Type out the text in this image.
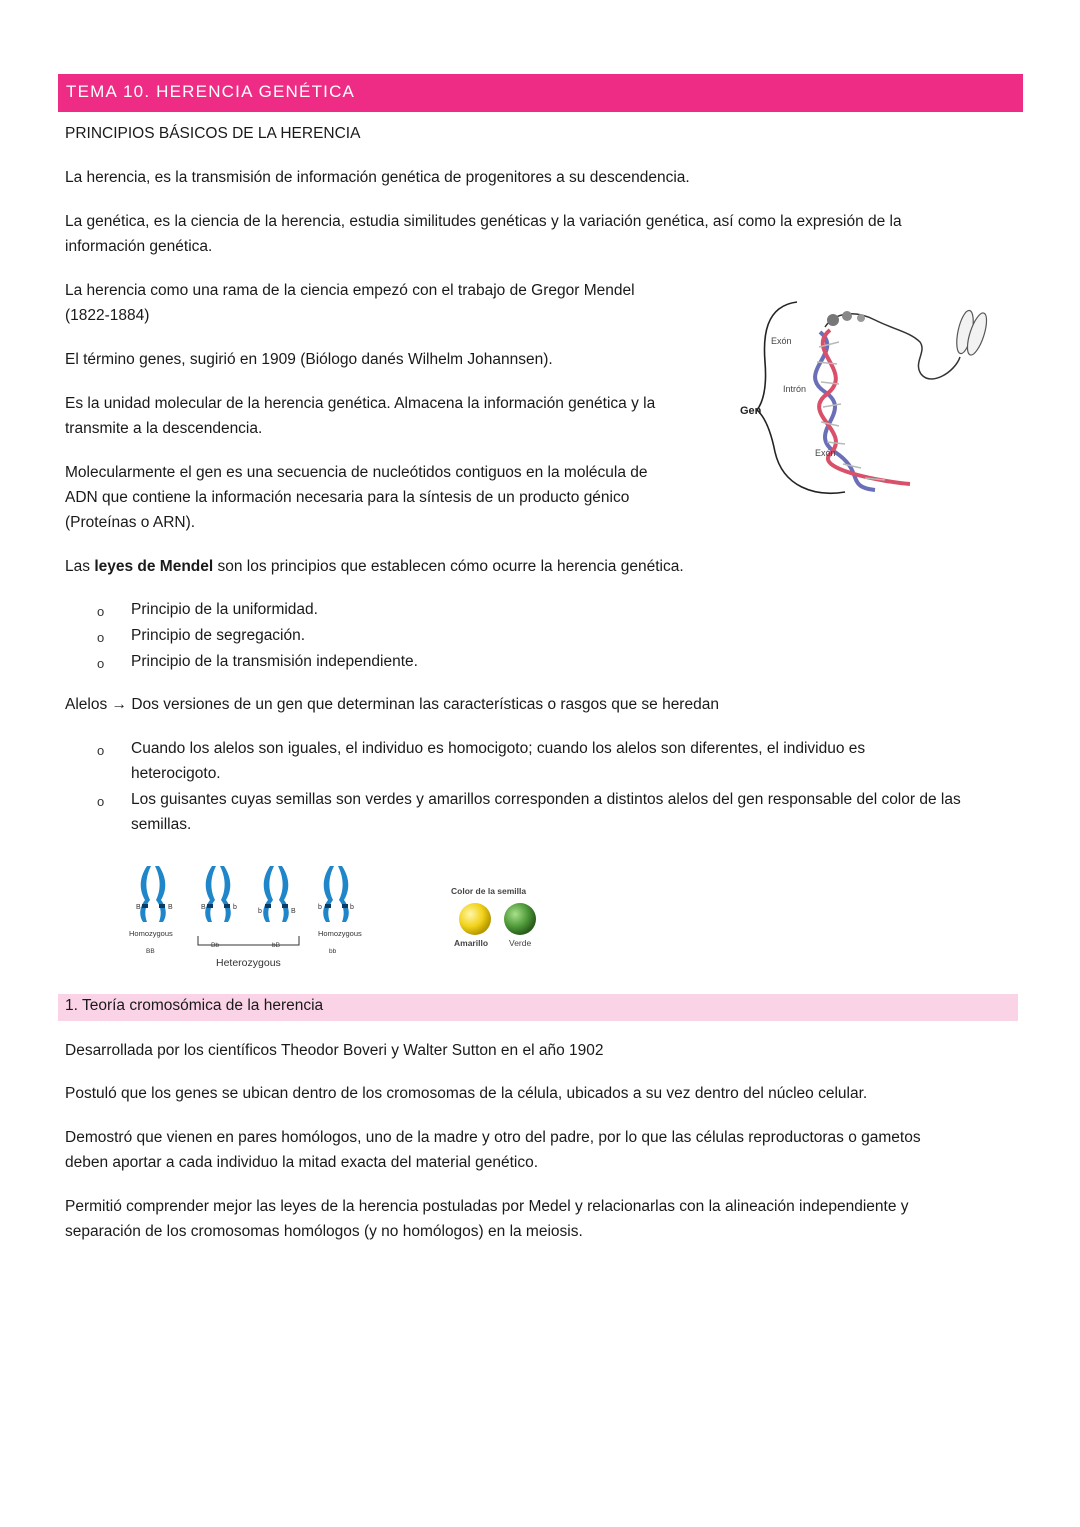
TEMA 10. HERENCIA GENÉTICA
PRINCIPIOS BÁSICOS DE LA HERENCIA
La herencia, es la transmisión de información genética de progenitores a su descendencia.
La genética, es la ciencia de la herencia, estudia similitudes genéticas y la variación genética, así como la expresión de la
información genética.
La herencia como una rama de la ciencia empezó con el trabajo de Gregor Mendel
(1822-1884)
El término genes, sugirió en 1909 (Biólogo danés Wilhelm Johannsen).
Es la unidad molecular de la herencia genética. Almacena la información genética y la
transmite a la descendencia.
Molecularmente el gen es una secuencia de nucleótidos contiguos en la molécula de
ADN que contiene la información necesaria para la síntesis de un producto génico
(Proteínas o ARN).
Las leyes de Mendel son los principios que establecen cómo ocurre la herencia genética.
o Principio de la uniformidad.
o Principio de segregación.
o Principio de la transmisión independiente.
Alelos → Dos versiones de un gen que determinan las características o rasgos que se heredan
o Cuando los alelos son iguales, el individuo es homocigoto; cuando los alelos son diferentes, el individuo es
heterocigoto.
o Los guisantes cuyas semillas son verdes y amarillos corresponden a distintos alelos del gen responsable del color de las
semillas.
Gen
Exón
Intrón
Exón
B	B	B	b
b	B
b	b
Homozygous
BB
Bb	bB
Heterozygous
Homozygous
bb
Color de la semilla
Amarillo Verde
1. Teoría cromosómica de la herencia
Desarrollada por los científicos Theodor Boveri y Walter Sutton en el año 1902
Postuló que los genes se ubican dentro de los cromosomas de la célula, ubicados a su vez dentro del núcleo celular.
Demostró que vienen en pares homólogos, uno de la madre y otro del padre, por lo que las células reproductoras o gametos
deben aportar a cada individuo la mitad exacta del material genético.
Permitió comprender mejor las leyes de la herencia postuladas por Medel y relacionarlas con la alineación independiente y
separación de los cromosomas homólogos (y no homólogos) en la meiosis.
